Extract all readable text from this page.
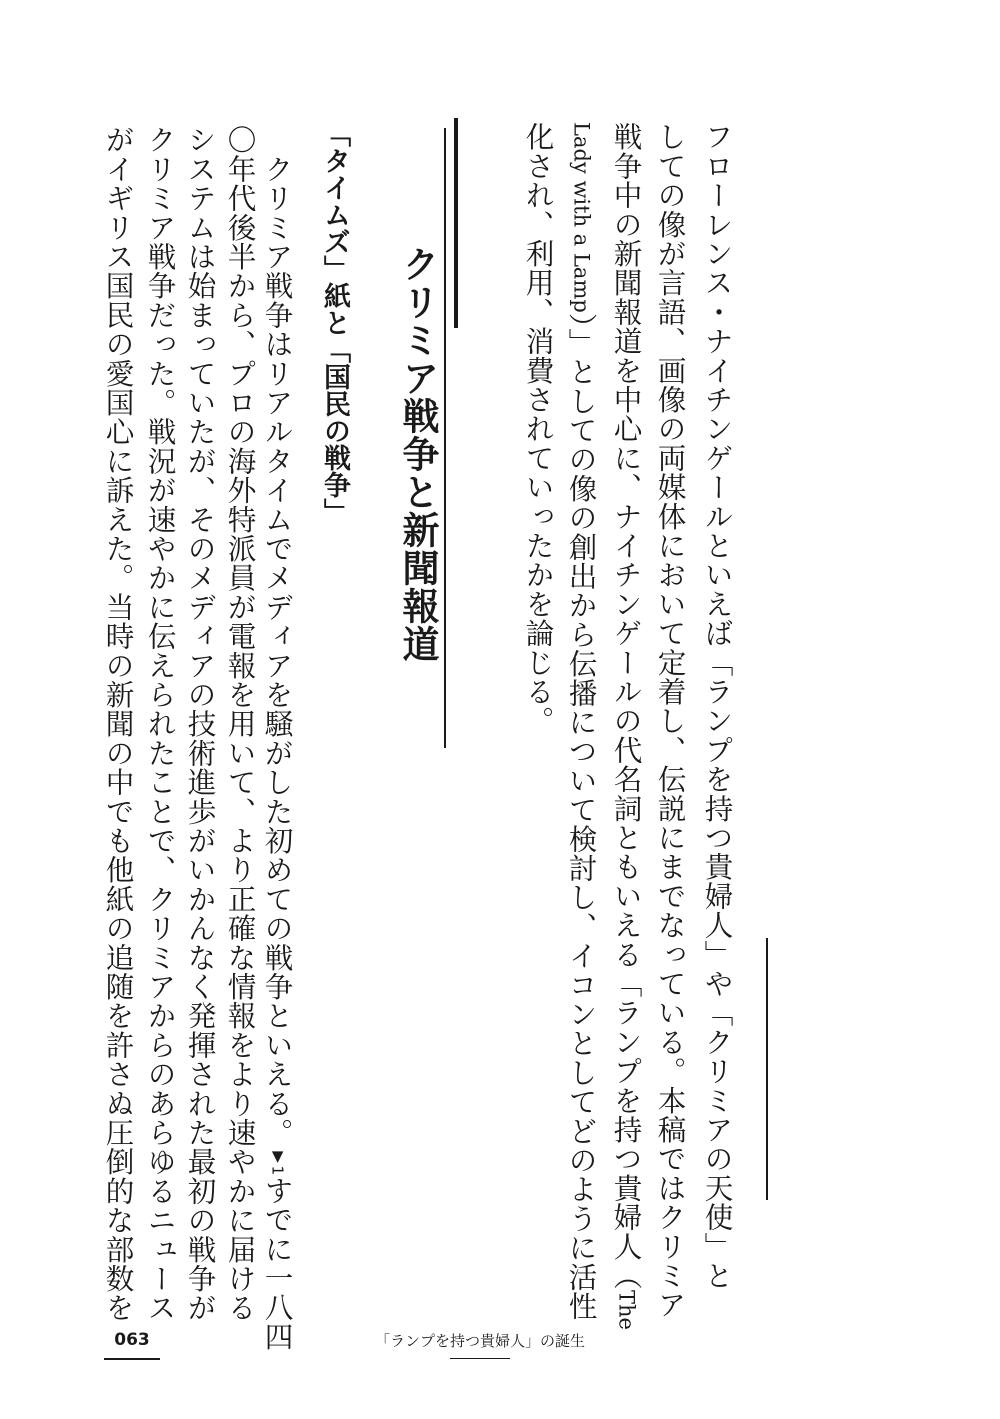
フローレンス・ナイチンゲールといえば「ランプを持つ貴婦人」や「クリミアの天使」と
しての像が言語、画像の両媒体において定着し、伝説にまでなっている。本稿ではクリミア
戦争中の新聞報道を中心に、ナイチンゲールの代名詞ともいえる「ランプを持つ貴婦人（The
Lady with a Lamp）」としての像の創出から伝播について検討し、イコンとしてどのように活性
化され、利用、消費されていったかを論じる。
クリミア戦争と新聞報道
「タイムズ」紙と「国民の戦争」
　クリミア戦争はリアルタイムでメディアを騒がした初めての戦争といえる。▼1すでに一八四
〇年代後半から、プロの海外特派員が電報を用いて、より正確な情報をより速やかに届ける
システムは始まっていたが、そのメディアの技術進歩がいかんなく発揮された最初の戦争が
クリミア戦争だった。戦況が速やかに伝えられたことで、クリミアからのあらゆるニュース
がイギリス国民の愛国心に訴えた。当時の新聞の中でも他紙の追随を許さぬ圧倒的な部数を
063	「ランプを持つ貴婦人」の誕生
